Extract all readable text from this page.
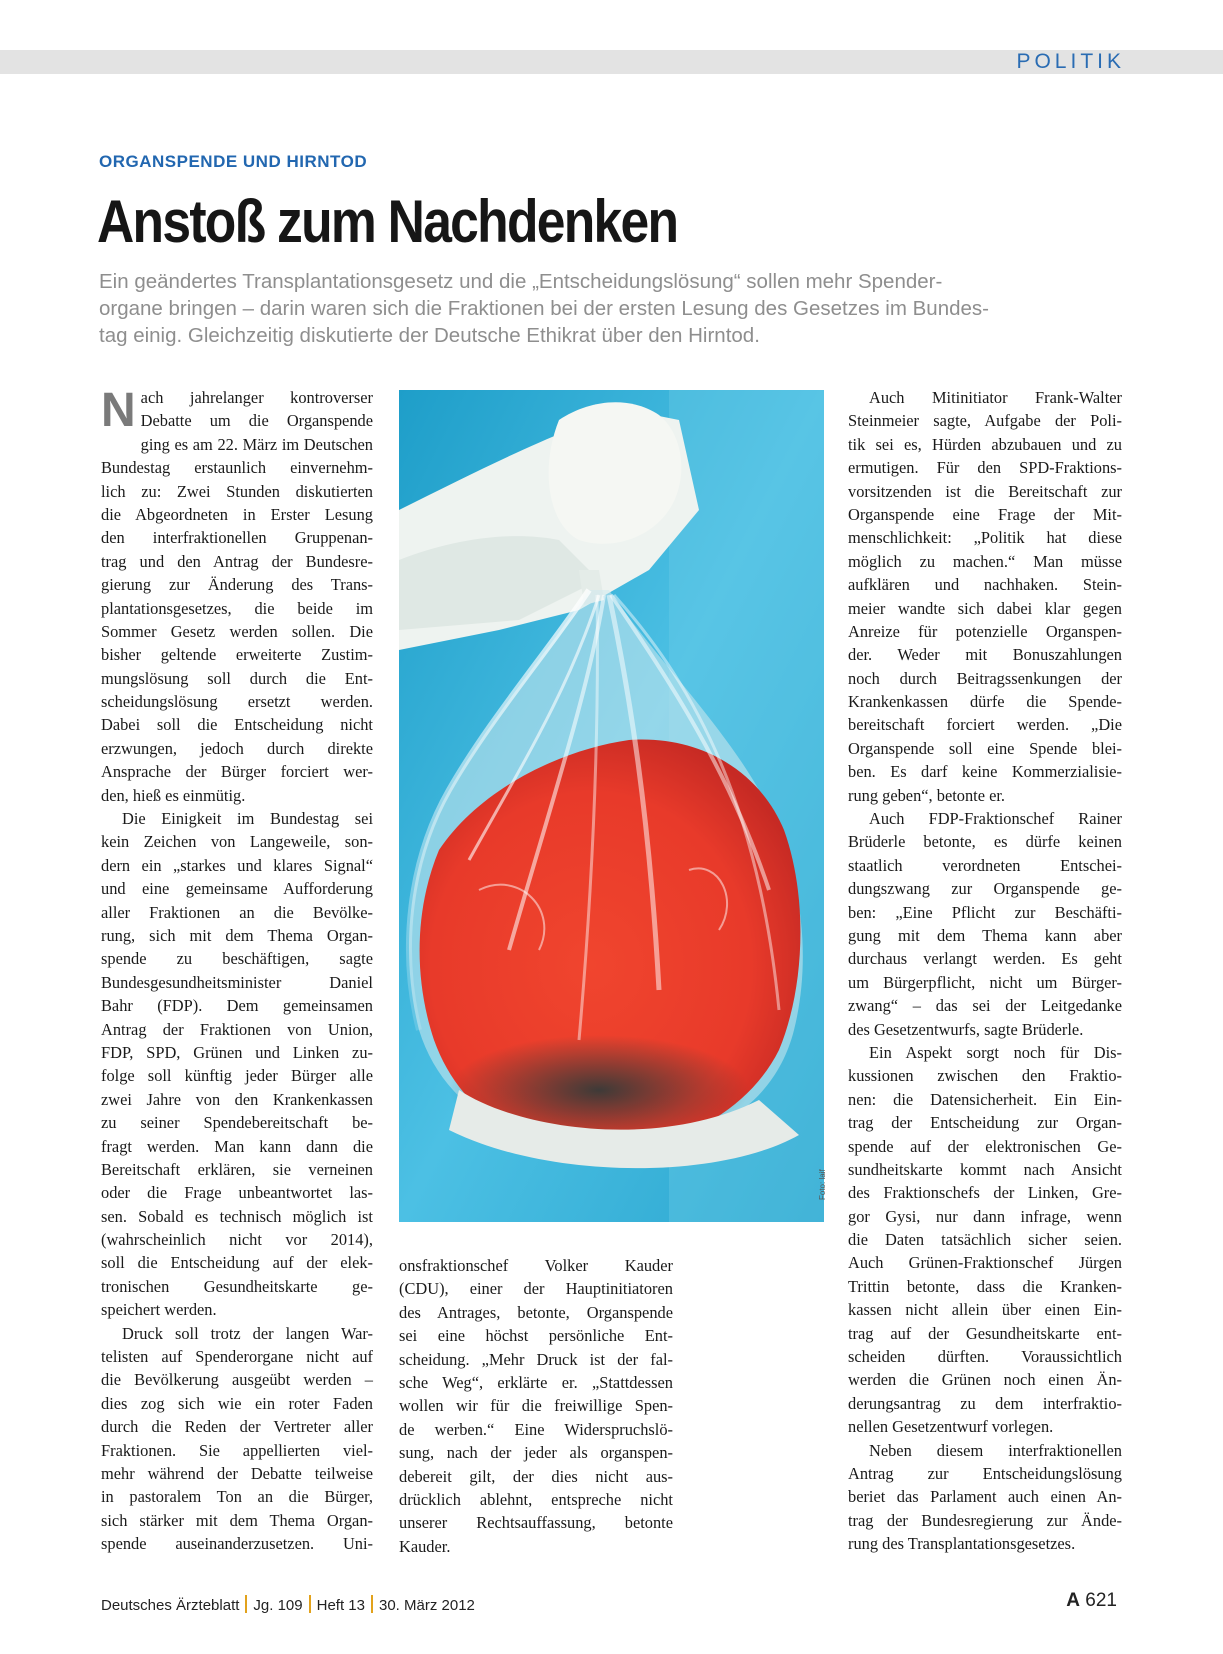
POLITIK
ORGANSPENDE UND HIRNTOD
Anstoß zum Nachdenken
Ein geändertes Transplantationsgesetz und die „Entscheidungslösung“ sollen mehr Spender-
organe bringen – darin waren sich die Fraktionen bei der ersten Lesung des Gesetzes im Bundes-
tag einig. Gleichzeitig diskutierte der Deutsche Ethikrat über den Hirntod.
N ach jahrelanger kontroverser
Debatte um die Organspende
ging es am 22. März im Deutschen
Bundestag erstaunlich einvernehm-
lich zu: Zwei Stunden diskutierten
die Abgeordneten in Erster Lesung
den interfraktionellen Gruppenan-
trag und den Antrag der Bundesre-
gierung zur Änderung des Trans-
plantationsgesetzes, die beide im
Sommer Gesetz werden sollen. Die
bisher geltende erweiterte Zustim-
mungslösung soll durch die Ent-
scheidungslösung ersetzt werden.
Dabei soll die Entscheidung nicht
erzwungen, jedoch durch direkte
Ansprache der Bürger forciert wer-
den, hieß es einmütig.
Die Einigkeit im Bundestag sei
kein Zeichen von Langeweile, son-
dern ein „starkes und klares Signal“
und eine gemeinsame Aufforderung
aller Fraktionen an die Bevölke-
rung, sich mit dem Thema Organ-
spende zu beschäftigen, sagte
Bundesgesundheitsminister Daniel
Bahr (FDP). Dem gemeinsamen
Antrag der Fraktionen von Union,
FDP, SPD, Grünen und Linken zu-
folge soll künftig jeder Bürger alle
zwei Jahre von den Krankenkassen
zu seiner Spendebereitschaft be-
fragt werden. Man kann dann die
Bereitschaft erklären, sie verneinen
oder die Frage unbeantwortet las-
sen. Sobald es technisch möglich ist
(wahrscheinlich nicht vor 2014),
soll die Entscheidung auf der elek-
tronischen Gesundheitskarte ge-
speichert werden.
Druck soll trotz der langen War-
telisten auf Spenderorgane nicht auf
die Bevölkerung ausgeübt werden –
dies zog sich wie ein roter Faden
durch die Reden der Vertreter aller
Fraktionen. Sie appellierten viel-
mehr während der Debatte teilweise
in pastoralem Ton an die Bürger,
sich stärker mit dem Thema Organ-
spende auseinanderzusetzen. Uni-
Foto: laif
onsfraktionschef Volker Kauder
(CDU), einer der Hauptinitiatoren
des Antrages, betonte, Organspende
sei eine höchst persönliche Ent-
scheidung. „Mehr Druck ist der fal-
sche Weg“, erklärte er. „Stattdessen
wollen wir für die freiwillige Spen-
de werben.“ Eine Widerspruchslö-
sung, nach der jeder als organspen-
debereit gilt, der dies nicht aus-
drücklich ablehnt, entspreche nicht
unserer Rechtsauffassung, betonte
Kauder.
Auch Mitinitiator Frank-Walter
Steinmeier sagte, Aufgabe der Poli-
tik sei es, Hürden abzubauen und zu
ermutigen. Für den SPD-Fraktions-
vorsitzenden ist die Bereitschaft zur
Organspende eine Frage der Mit-
menschlichkeit: „Politik hat diese
möglich zu machen.“ Man müsse
aufklären und nachhaken. Stein-
meier wandte sich dabei klar gegen
Anreize für potenzielle Organspen-
der. Weder mit Bonuszahlungen
noch durch Beitragssenkungen der
Krankenkassen dürfe die Spende-
bereitschaft forciert werden. „Die
Organspende soll eine Spende blei-
ben. Es darf keine Kommerzialisie-
rung geben“, betonte er.
Auch FDP-Fraktionschef Rainer
Brüderle betonte, es dürfe keinen
staatlich verordneten Entschei-
dungszwang zur Organspende ge-
ben: „Eine Pflicht zur Beschäfti-
gung mit dem Thema kann aber
durchaus verlangt werden. Es geht
um Bürgerpflicht, nicht um Bürger-
zwang“ – das sei der Leitgedanke
des Gesetzentwurfs, sagte Brüderle.
Ein Aspekt sorgt noch für Dis-
kussionen zwischen den Fraktio-
nen: die Datensicherheit. Ein Ein-
trag der Entscheidung zur Organ-
spende auf der elektronischen Ge-
sundheitskarte kommt nach Ansicht
des Fraktionschefs der Linken, Gre-
gor Gysi, nur dann infrage, wenn
die Daten tatsächlich sicher seien.
Auch Grünen-Fraktionschef Jürgen
Trittin betonte, dass die Kranken-
kassen nicht allein über einen Ein-
trag auf der Gesundheitskarte ent-
scheiden dürften. Voraussichtlich
werden die Grünen noch einen Än-
derungsantrag zu dem interfraktio-
nellen Gesetzentwurf vorlegen.
Neben diesem interfraktionellen
Antrag zur Entscheidungslösung
beriet das Parlament auch einen An-
trag der Bundesregierung zur Ände-
rung des Transplantationsgesetzes.
Deutsches Ärzteblatt Jg. 109 Heft 13 30. März 2012	A 621
